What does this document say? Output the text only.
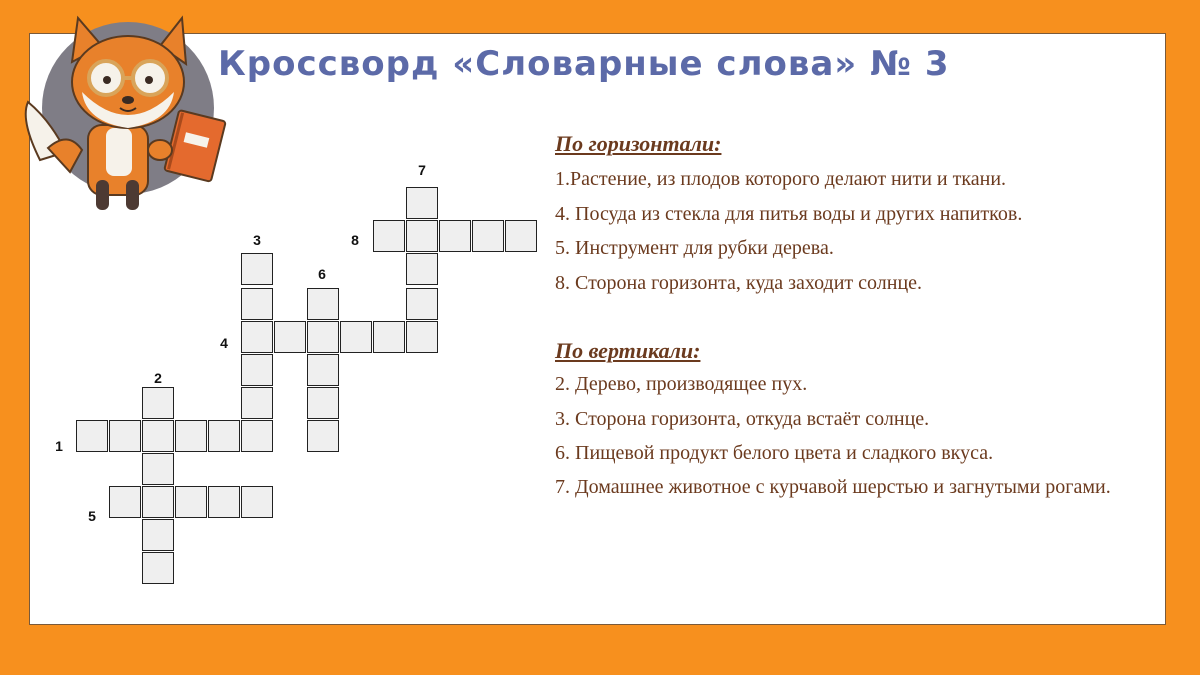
Кроссворд «Словарные слова» № 3
1
2
3
4
5
6
7
8
По горизонтали:
1.Растение, из плодов которого делают нити и ткани.
4. Посуда из стекла для питья воды и других напитков.
5. Инструмент для рубки дерева.
8. Сторона горизонта, куда заходит солнце.
По вертикали:
2. Дерево, производящее пух.
3. Сторона горизонта, откуда встаёт солнце.
6. Пищевой продукт белого цвета и сладкого вкуса.
7. Домашнее животное с курчавой шерстью и загнутыми рогами.
